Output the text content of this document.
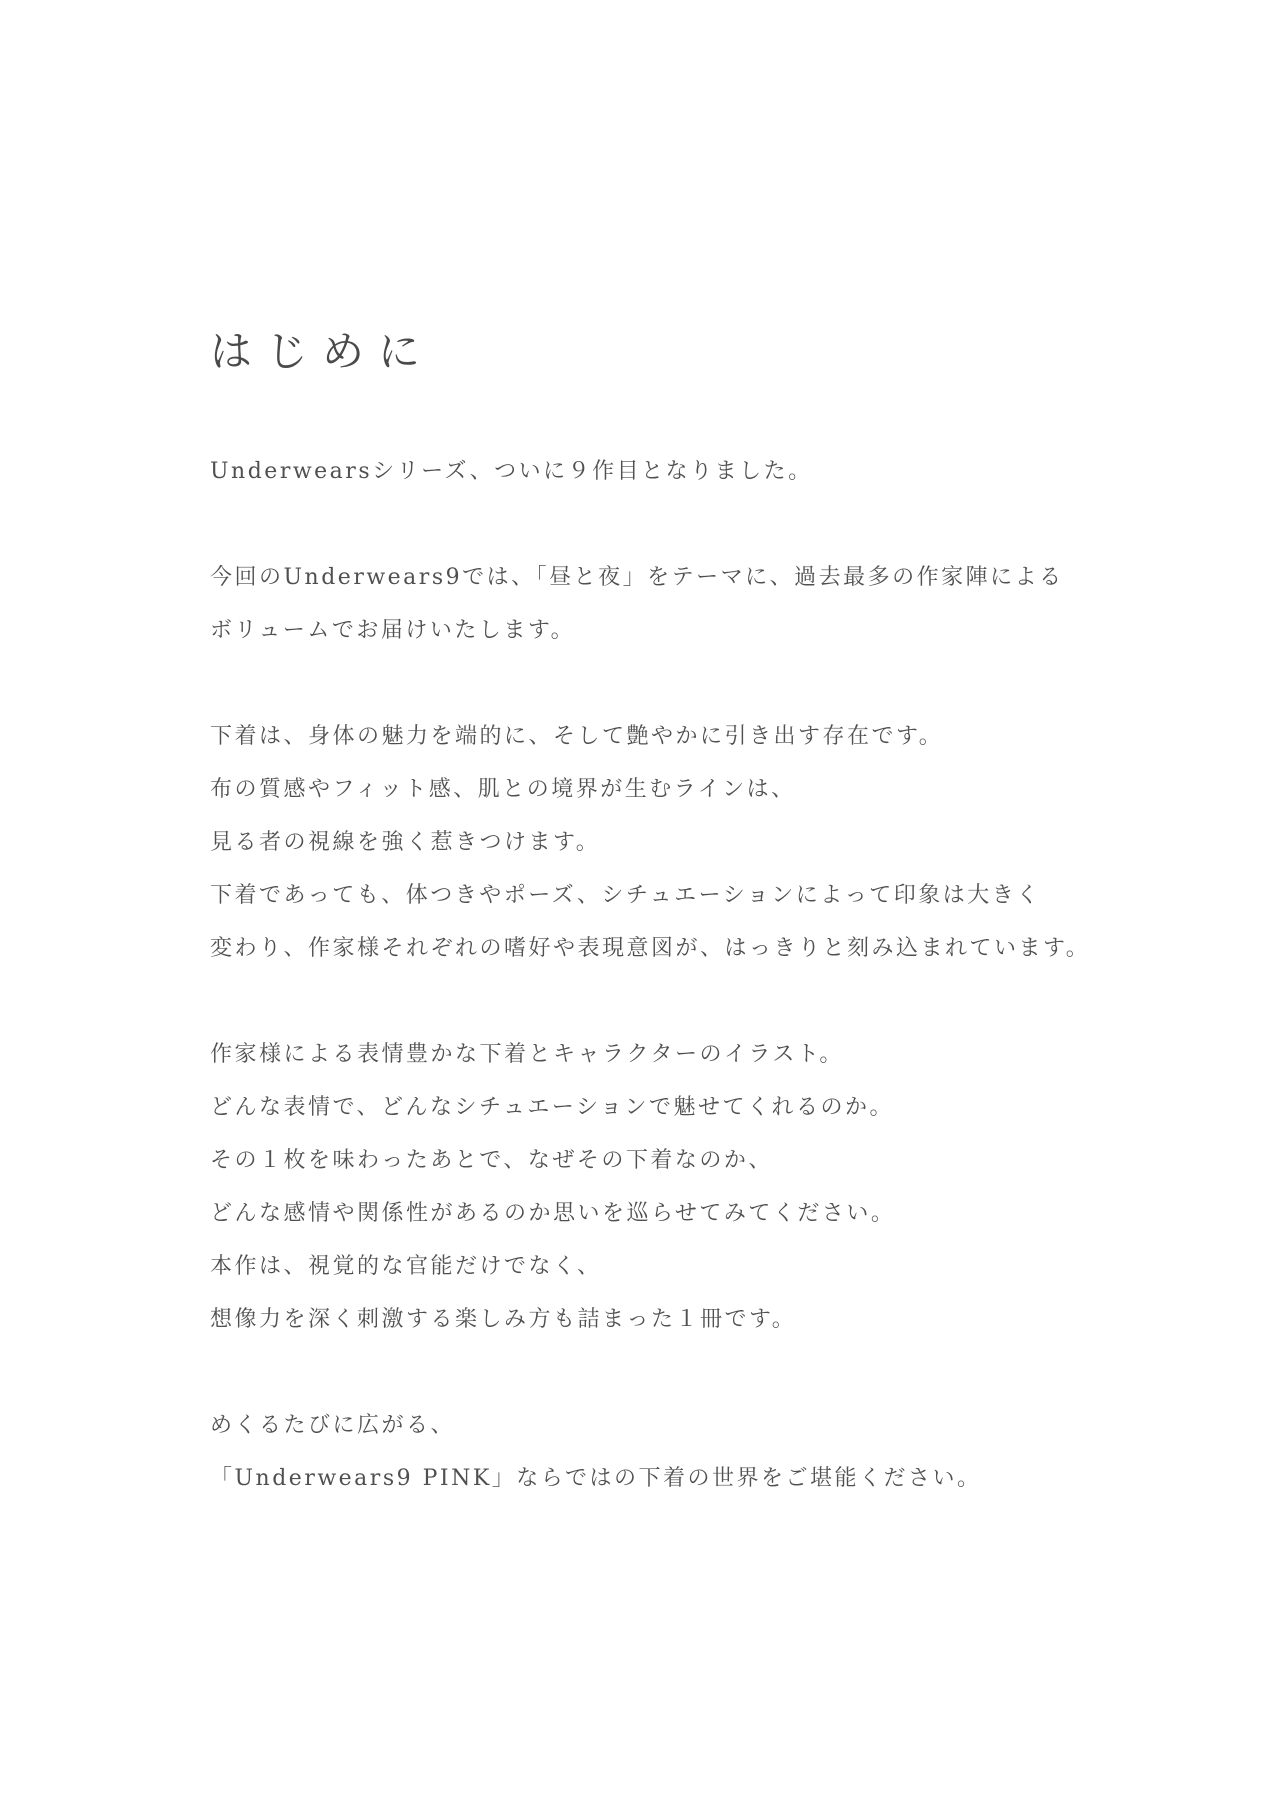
はじめに
Underwearsシリーズ、ついに９作目となりました。
今回のUnderwears9では、「昼と夜」をテーマに、過去最多の作家陣による
ボリュームでお届けいたします。
下着は、身体の魅力を端的に、そして艶やかに引き出す存在です。
布の質感やフィット感、肌との境界が生むラインは、
見る者の視線を強く惹きつけます。
下着であっても、体つきやポーズ、シチュエーションによって印象は大きく
変わり、作家様それぞれの嗜好や表現意図が、はっきりと刻み込まれています。
作家様による表情豊かな下着とキャラクターのイラスト。
どんな表情で、どんなシチュエーションで魅せてくれるのか。
その１枚を味わったあとで、なぜその下着なのか、
どんな感情や関係性があるのか思いを巡らせてみてください。
本作は、視覚的な官能だけでなく、
想像力を深く刺激する楽しみ方も詰まった１冊です。
めくるたびに広がる、
「Underwears9 PINK」ならではの下着の世界をご堪能ください。
